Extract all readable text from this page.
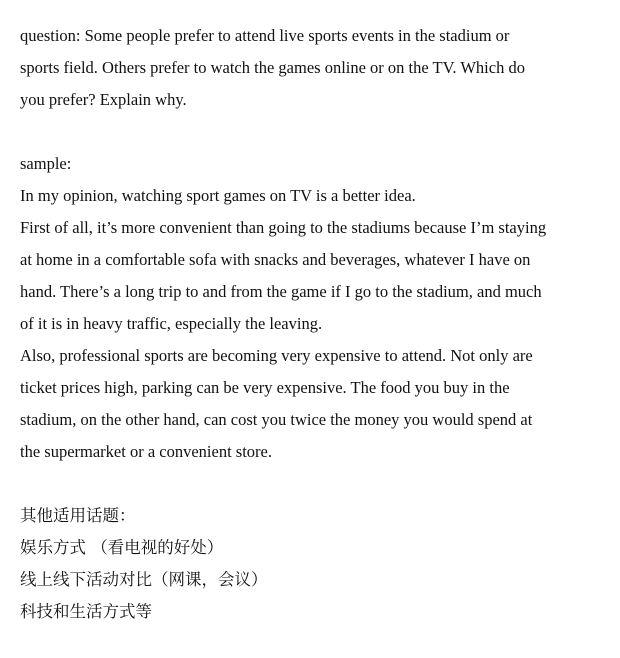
question: Some people prefer to attend live sports events in the stadium or
sports field. Others prefer to watch the games online or on the TV. Which do
you prefer? Explain why.
sample:
In my opinion, watching sport games on TV is a better idea.
First of all, it’s more convenient than going to the stadiums because I’m staying
at home in a comfortable sofa with snacks and beverages, whatever I have on
hand. There’s a long trip to and from the game if I go to the stadium, and much
of it is in heavy traffic, especially the leaving.
Also, professional sports are becoming very expensive to attend. Not only are
ticket prices high, parking can be very expensive. The food you buy in the
stadium, on the other hand, can cost you twice the money you would spend at
the supermarket or a convenient store.
其他适用话题：
娱乐方式 （看电视的好处）
线上线下活动对比（网课，会议）
科技和生活方式等
